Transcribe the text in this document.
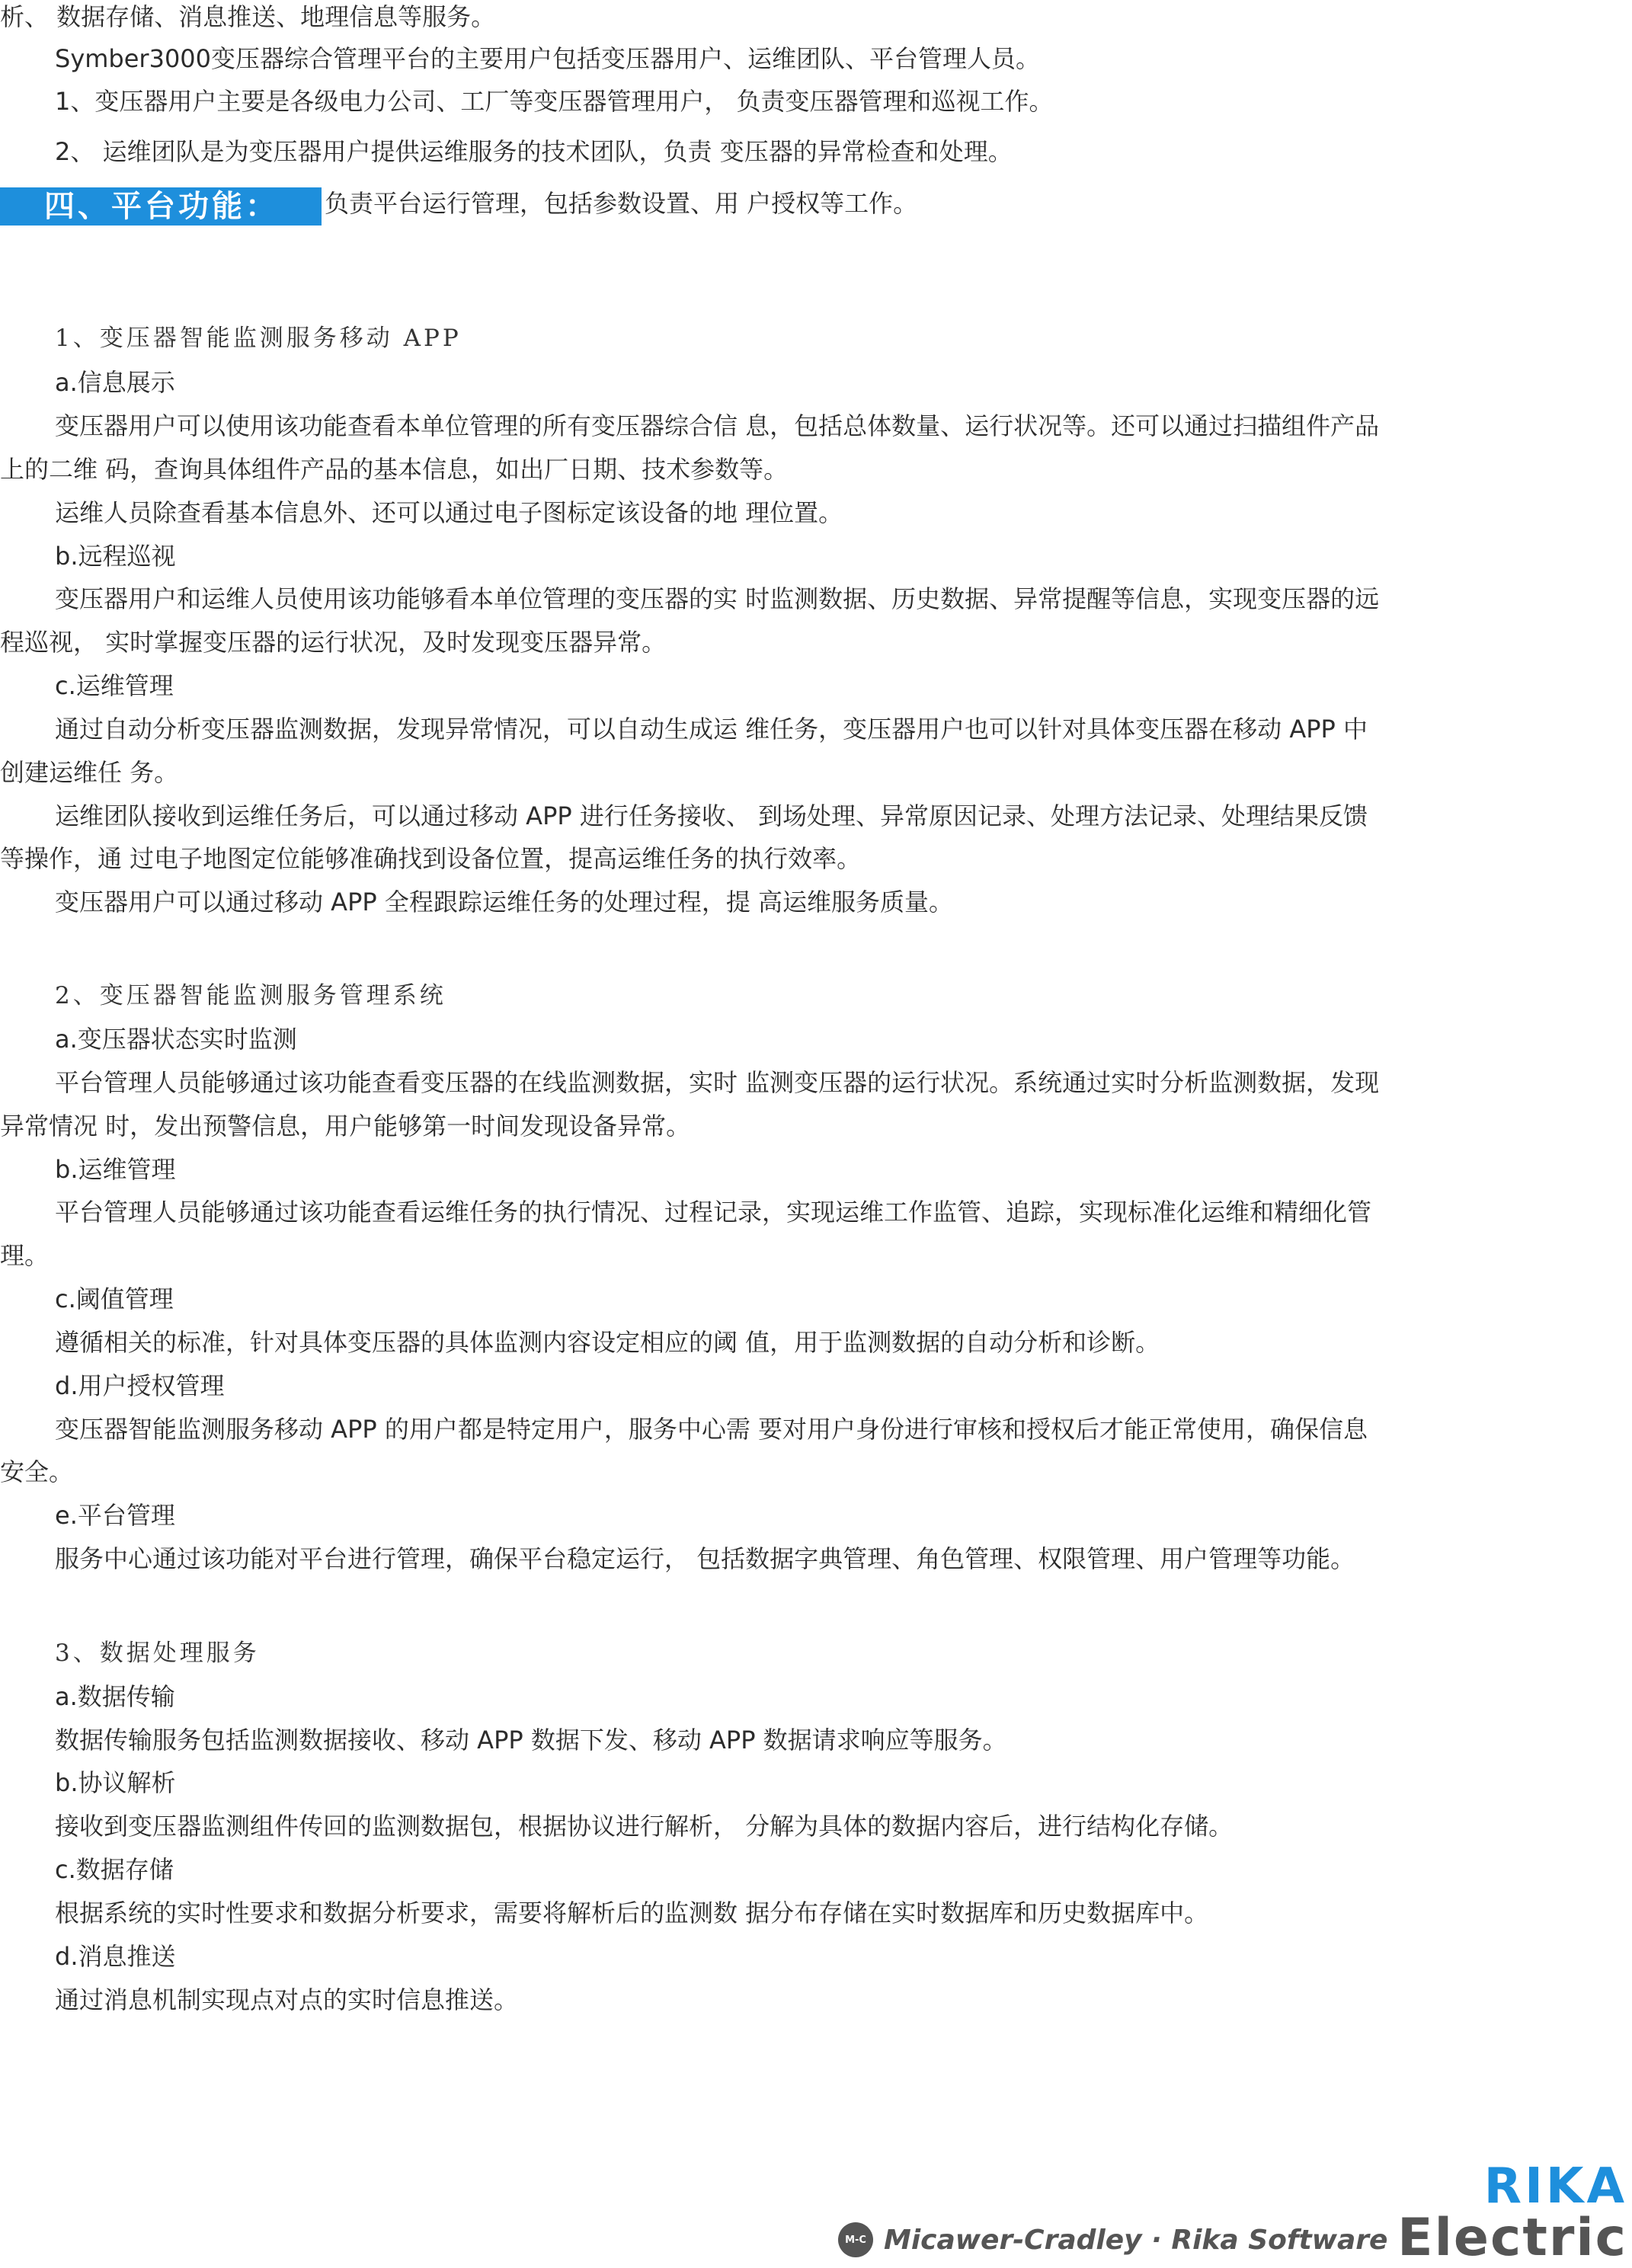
析、 数据存储、消息推送、地理信息等服务。
Symber3000变压器综合管理平台的主要用户包括变压器用户、运维团队、平台管理人员。
1、变压器用户主要是各级电力公司、工厂等变压器管理用户， 负责变压器管理和巡视工作。
2、 运维团队是为变压器用户提供运维服务的技术团队，负责 变压器的异常检查和处理。
四、平台功能：	负责平台运行管理，包括参数设置、用 户授权等工作。
1、变压器智能监测服务移动 APP
a.信息展示
变压器用户可以使用该功能查看本单位管理的所有变压器综合信 息，包括总体数量、运行状况等。还可以通过扫描组件产品
上的二维 码，查询具体组件产品的基本信息，如出厂日期、技术参数等。
运维人员除查看基本信息外、还可以通过电子图标定该设备的地 理位置。
b.远程巡视
变压器用户和运维人员使用该功能够看本单位管理的变压器的实 时监测数据、历史数据、异常提醒等信息，实现变压器的远
程巡视， 实时掌握变压器的运行状况，及时发现变压器异常。
c.运维管理
通过自动分析变压器监测数据，发现异常情况，可以自动生成运 维任务，变压器用户也可以针对具体变压器在移动 APP 中
创建运维任 务。
运维团队接收到运维任务后，可以通过移动 APP 进行任务接收、 到场处理、异常原因记录、处理方法记录、处理结果反馈
等操作，通 过电子地图定位能够准确找到设备位置，提高运维任务的执行效率。
变压器用户可以通过移动 APP 全程跟踪运维任务的处理过程，提 高运维服务质量。
2、变压器智能监测服务管理系统
a.变压器状态实时监测
平台管理人员能够通过该功能查看变压器的在线监测数据，实时 监测变压器的运行状况。系统通过实时分析监测数据，发现
异常情况 时，发出预警信息，用户能够第一时间发现设备异常。
b.运维管理
平台管理人员能够通过该功能查看运维任务的执行情况、过程记录，实现运维工作监管、追踪，实现标准化运维和精细化管
理。
c.阈值管理
遵循相关的标准，针对具体变压器的具体监测内容设定相应的阈 值，用于监测数据的自动分析和诊断。
d.用户授权管理
变压器智能监测服务移动 APP 的用户都是特定用户，服务中心需 要对用户身份进行审核和授权后才能正常使用，确保信息
安全。
e.平台管理
服务中心通过该功能对平台进行管理，确保平台稳定运行， 包括数据字典管理、角色管理、权限管理、用户管理等功能。
3、数据处理服务
a.数据传输
数据传输服务包括监测数据接收、移动 APP 数据下发、移动 APP 数据请求响应等服务。
b.协议解析
接收到变压器监测组件传回的监测数据包，根据协议进行解析， 分解为具体的数据内容后，进行结构化存储。
c.数据存储
根据系统的实时性要求和数据分析要求，需要将解析后的监测数 据分布存储在实时数据库和历史数据库中。
d.消息推送
通过消息机制实现点对点的实时信息推送。
M-C Micawer-Cradley · Rika Software
RIKA
Electric
